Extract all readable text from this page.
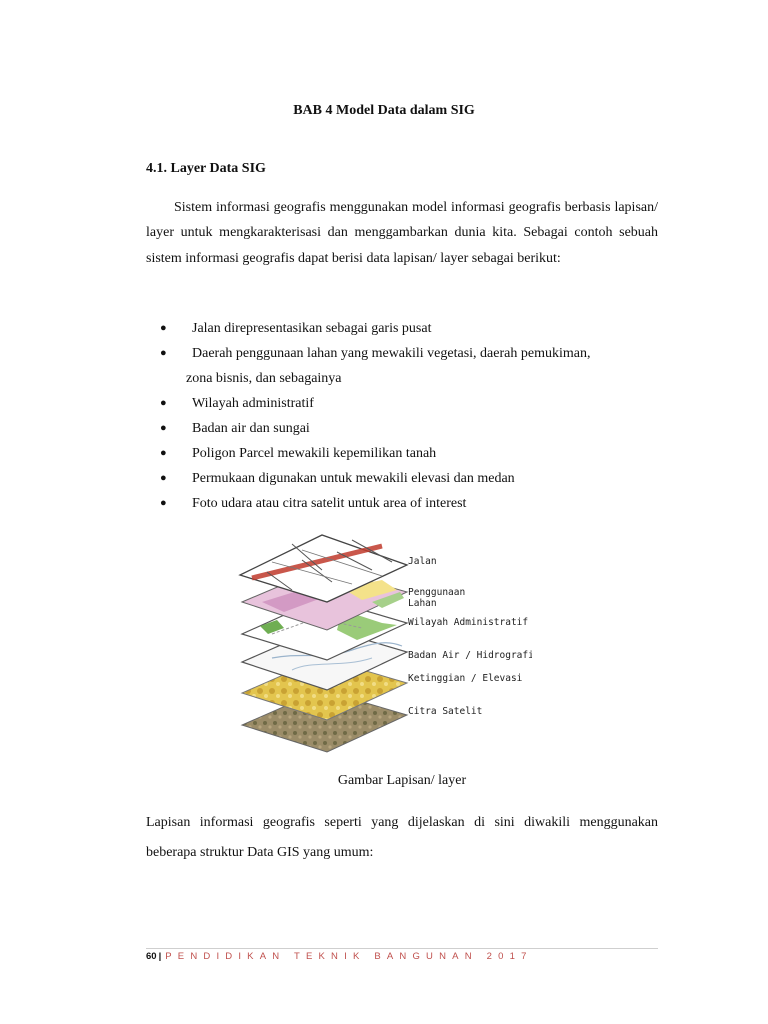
BAB 4 Model Data dalam SIG
4.1. Layer Data SIG
Sistem informasi geografis menggunakan model informasi geografis berbasis lapisan/ layer untuk mengkarakterisasi dan menggambarkan dunia kita. Sebagai contoh sebuah sistem informasi geografis dapat berisi data lapisan/ layer sebagai berikut:
● Jalan direpresentasikan sebagai garis pusat
● Daerah penggunaan lahan yang mewakili vegetasi, daerah pemukiman,
zona bisnis, dan sebagainya
● Wilayah administratif
● Badan air dan sungai
● Poligon Parcel mewakili kepemilikan tanah
● Permukaan digunakan untuk mewakili elevasi dan medan
● Foto udara atau citra satelit untuk area of interest
Jalan
Penggunaan
Lahan
Wilayah Administratif
Badan Air / Hidrografi
Ketinggian / Elevasi
Citra Satelit
Gambar Lapisan/ layer
Lapisan informasi geografis seperti yang dijelaskan di sini diwakili menggunakan beberapa struktur Data GIS yang umum:
60 | PENDIDIKAN TEKNIK BANGUNAN 2017
